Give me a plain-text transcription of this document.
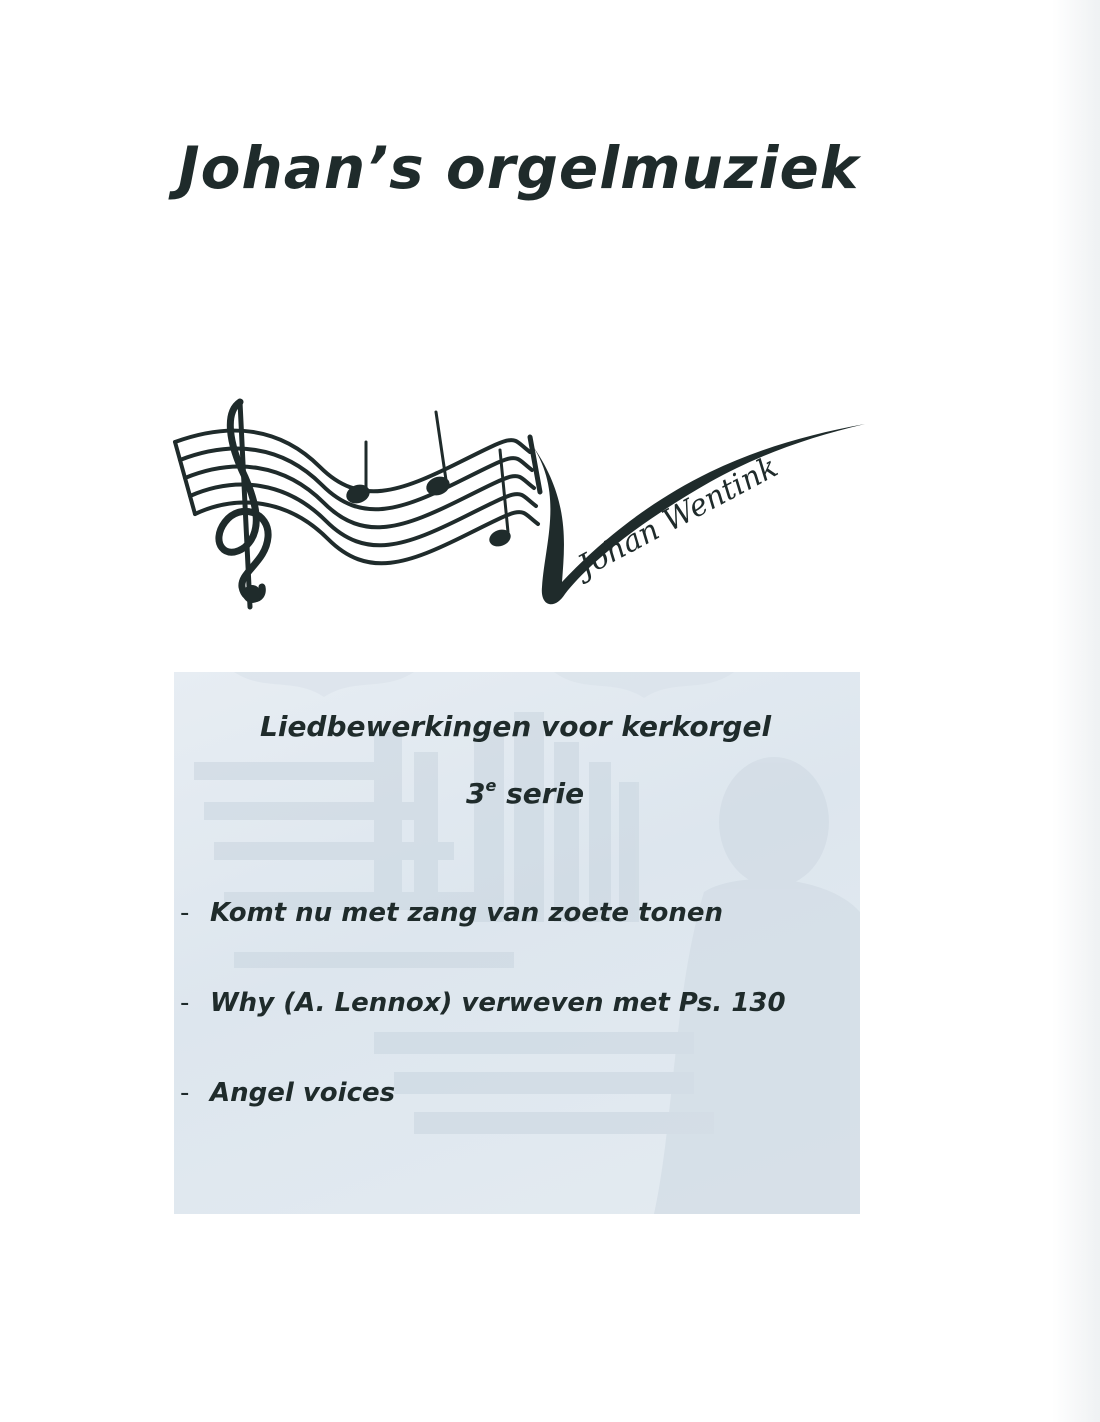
Johan’s orgelmuziek
Johan Wentink
Liedbewerkingen voor kerkorgel

3e serie

- Komt nu met zang van zoete tonen
- Why (A. Lennox) verweven met Ps. 130
- Angel voices
